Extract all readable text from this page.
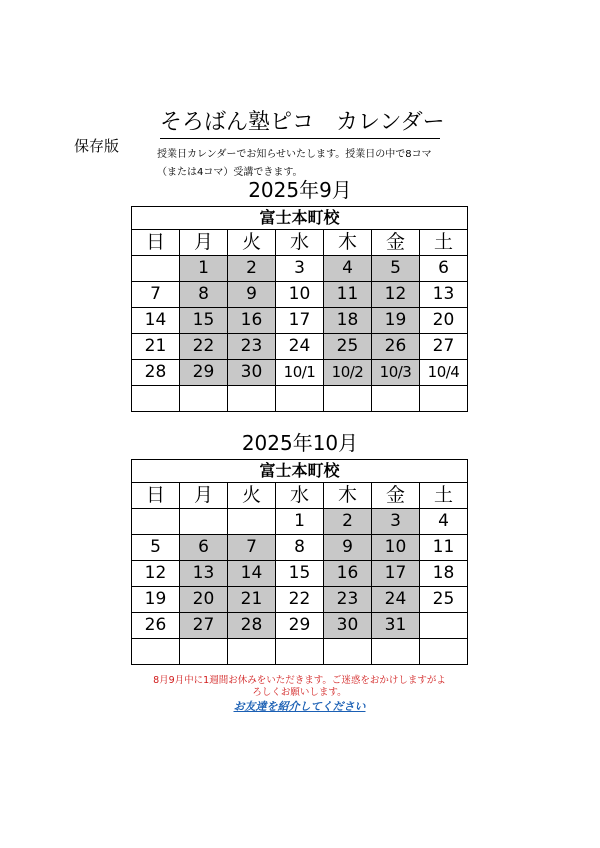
そろばん塾ピコ　カレンダー
保存版	授業日カレンダーでお知らせいたします。授業日の中で8コマ
（または4コマ）受講できます。
2025年9月
富士本町校						
日	月	火	水	木	金	土
	1	2	3	4	5	6
7	8	9	10	11	12	13
14	15	16	17	18	19	20
21	22	23	24	25	26	27
28	29	30	10/1	10/2	10/3	10/4

2025年10月
富士本町校						
日	月	火	水	木	金	土
			1	2	3	4
5	6	7	8	9	10	11
12	13	14	15	16	17	18
19	20	21	22	23	24	25
26	27	28	29	30	31	

8月9月中に1週間お休みをいただきます。ご迷惑をおかけしますがよ
ろしくお願いします。
お友達を紹介してください
